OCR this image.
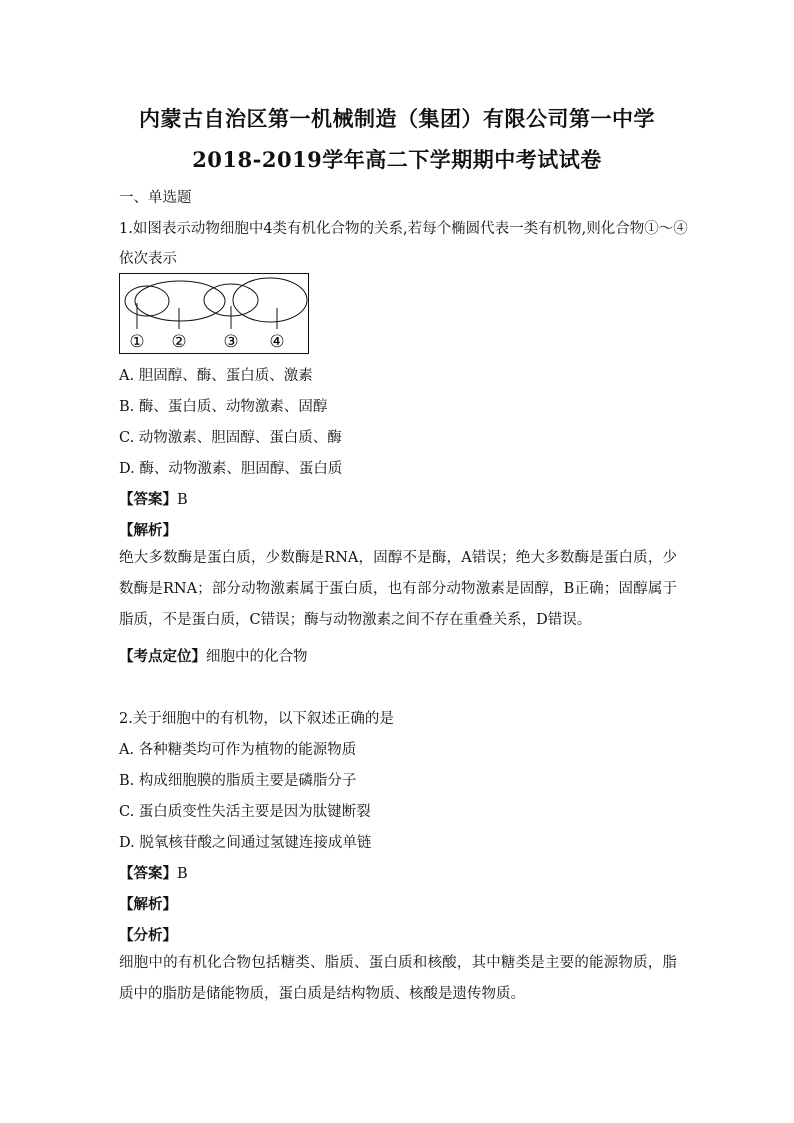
内蒙古自治区第一机械制造（集团）有限公司第一中学
2018-2019学年高二下学期期中考试试卷
一、单选题
1.如图表示动物细胞中4类有机化合物的关系,若每个椭圆代表一类有机物,则化合物①～④
依次表示
① ② ③ ④
A. 胆固醇、酶、蛋白质、激素
B. 酶、蛋白质、动物激素、固醇
C. 动物激素、胆固醇、蛋白质、酶
D. 酶、动物激素、胆固醇、蛋白质
【答案】B
【解析】
绝大多数酶是蛋白质，少数酶是RNA，固醇不是酶，A错误；绝大多数酶是蛋白质，少数酶是RNA；部分动物激素属于蛋白质，也有部分动物激素是固醇，B正确；固醇属于脂质，不是蛋白质，C错误；酶与动物激素之间不存在重叠关系，D错误。
【考点定位】细胞中的化合物
2.关于细胞中的有机物，以下叙述正确的是
A. 各种糖类均可作为植物的能源物质
B. 构成细胞膜的脂质主要是磷脂分子
C. 蛋白质变性失活主要是因为肽键断裂
D. 脱氧核苷酸之间通过氢键连接成单链
【答案】B
【解析】
【分析】
细胞中的有机化合物包括糖类、脂质、蛋白质和核酸，其中糖类是主要的能源物质，脂质中的脂肪是储能物质，蛋白质是结构物质、核酸是遗传物质。
